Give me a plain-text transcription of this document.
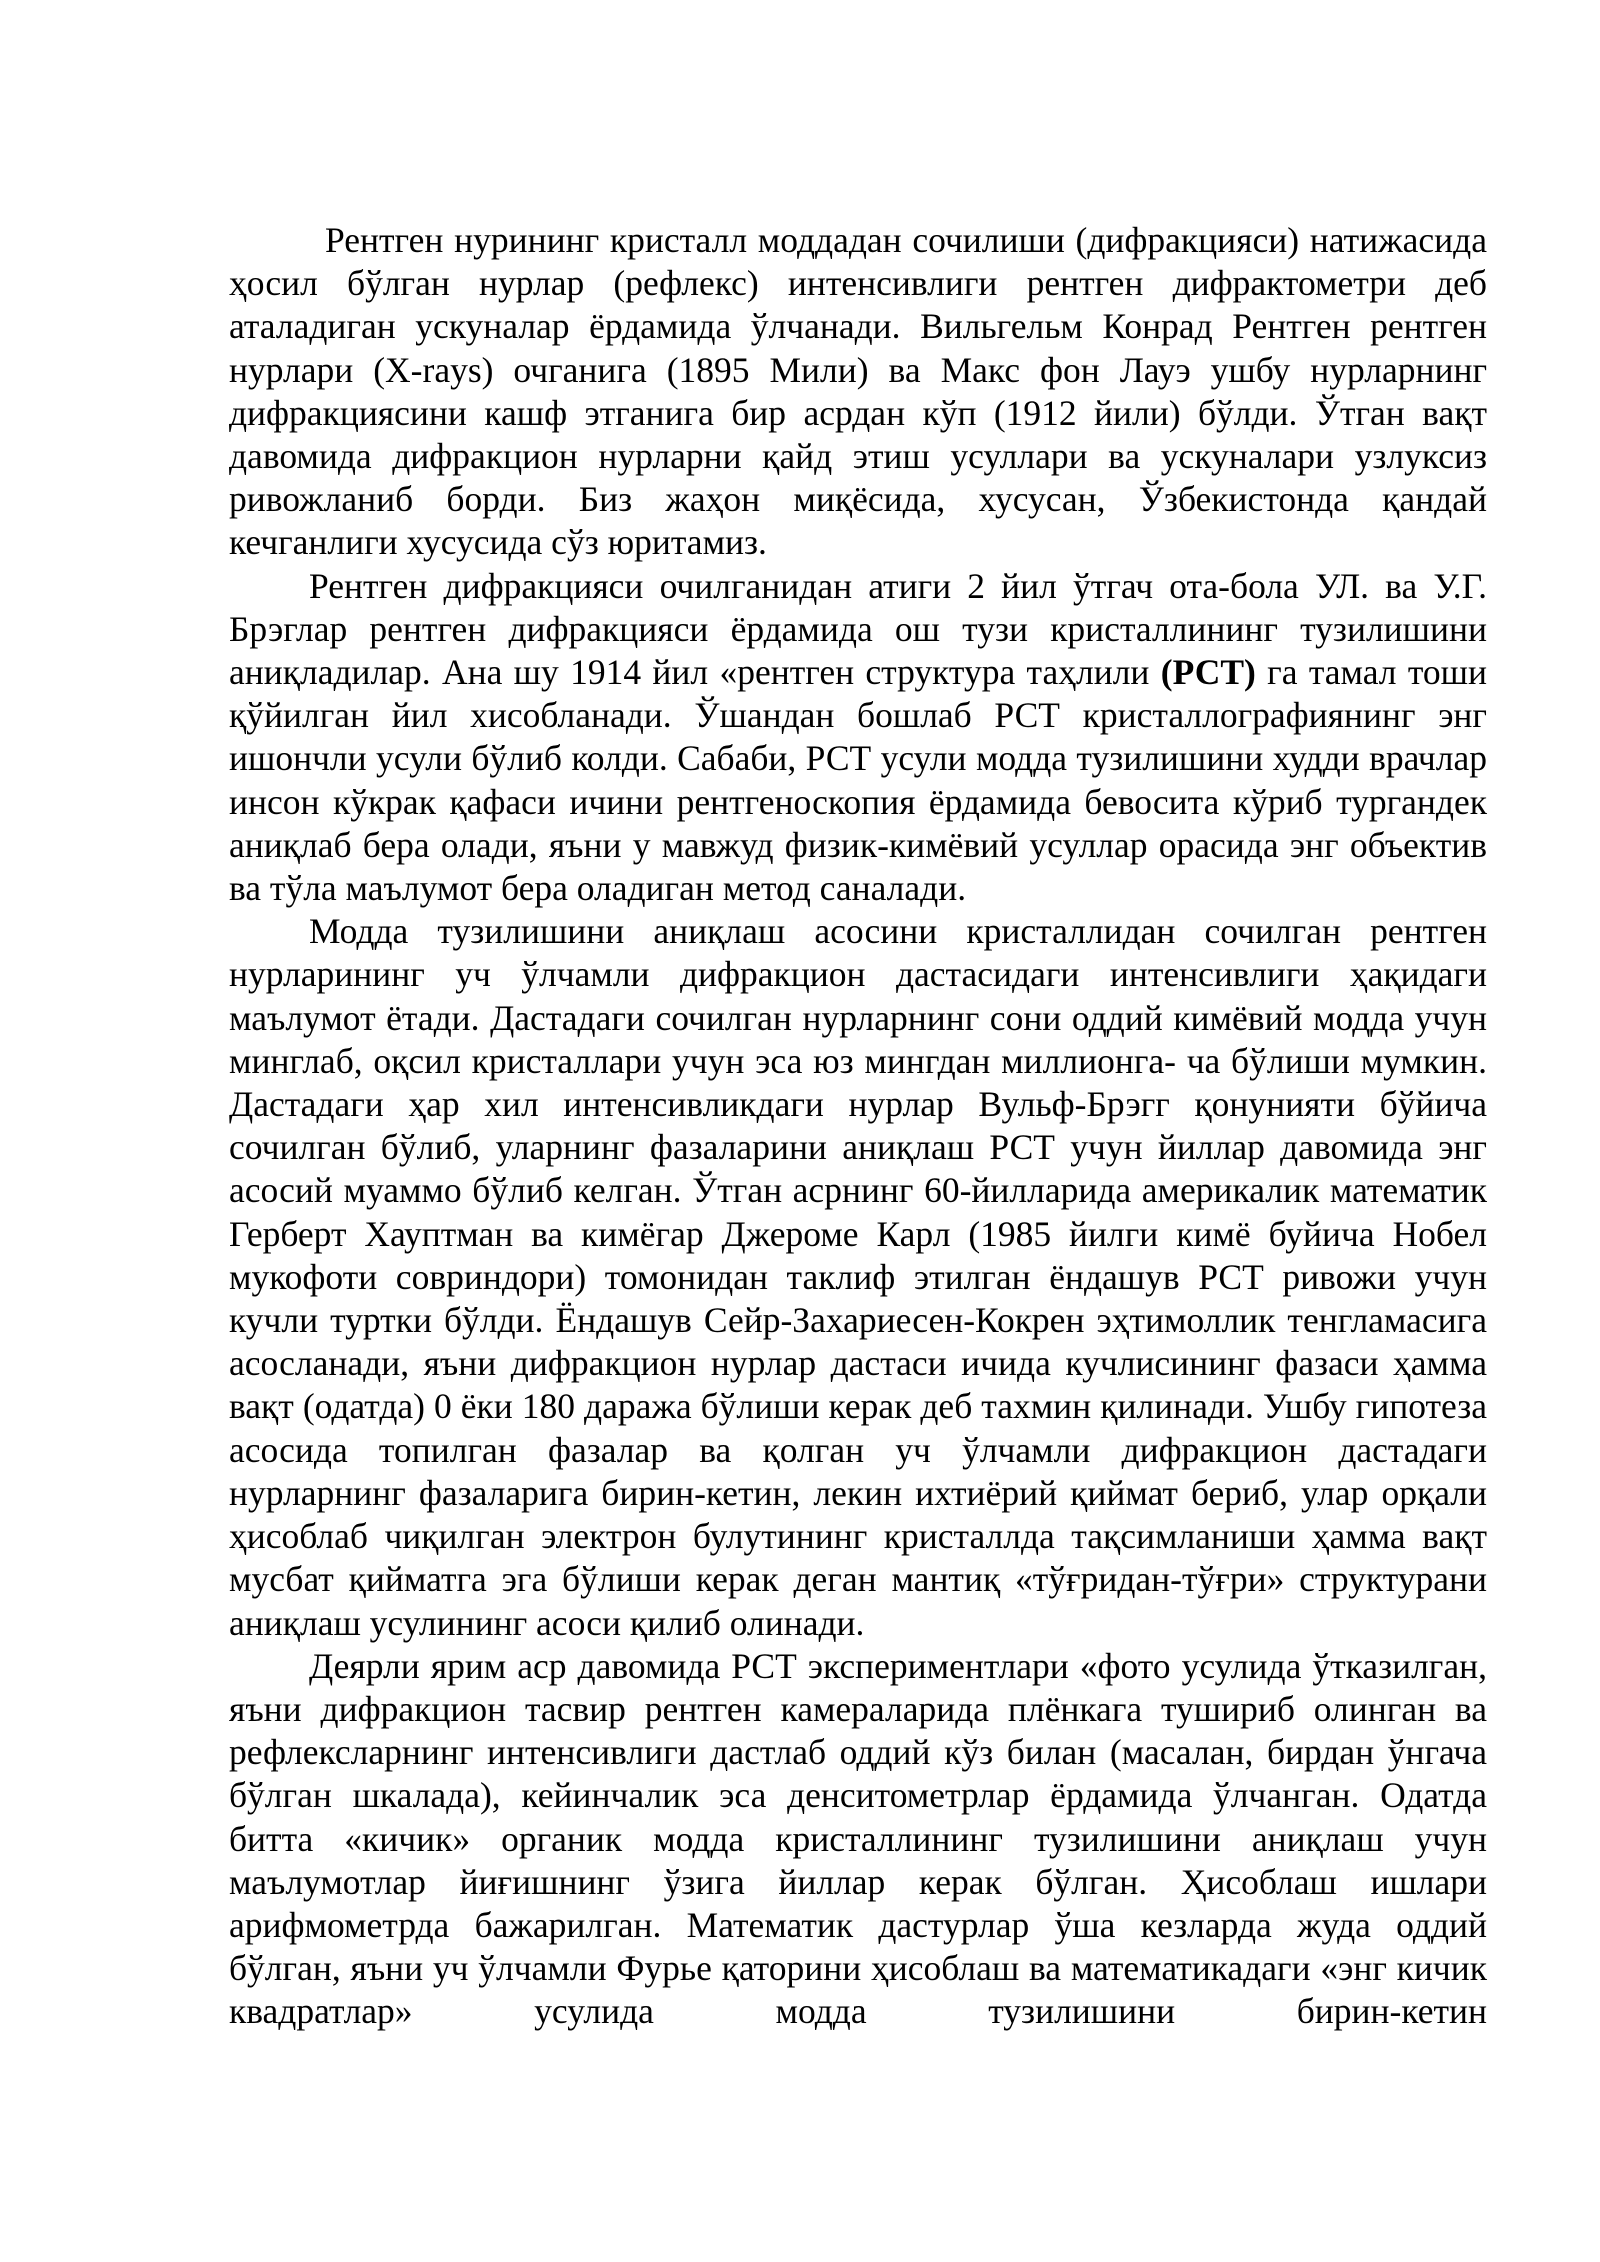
Рентген нурининг кристалл моддадан сочилиши (дифракцияси) натижасида ҳосил бўлган нурлар (рефлекс) интенсивлиги рентген дифрактометри деб аталадиган ускуналар ёрдамида ўлчанади. Вильгельм Конрад Рентген рентген нурлари (X-rays) очганига (1895 Мили) ва Макс фон Лауэ ушбу нурларнинг дифракциясини кашф этганига бир асрдан кўп (1912 йили) бўлди. Ўтган вақт давомида дифракцион нурларни қайд этиш усуллари ва ускуналари узлуксиз ривожланиб борди. Биз жаҳон миқёсида, хусусан, Ўзбекистонда қандай кечганлиги хусусида сўз юритамиз.

Рентген дифракцияси очилганидан атиги 2 йил ўтгач ота-бола УЛ. ва У.Г. Брэглар рентген дифракцияси ёрдамида ош тузи кристаллининг тузилишини аниқладилар. Ана шу 1914 йил «рентген структура таҳлили (РСТ) га тамал тоши қўйилган йил хисобланади. Ўшандан бошлаб РСТ кристаллографиянинг энг ишончли усули бўлиб колди. Сабаби, РСТ усули модда тузилишини худди врачлар инсон кўкрак қафаси ичини рентгеноскопия ёрдамида бевосита кўриб тургандек аниқлаб бера олади, яъни у мавжуд физик-кимёвий усуллар орасида энг объектив ва тўла маълумот бера оладиган метод саналади.

Модда тузилишини аниқлаш асосини кристаллидан сочилган рентген нурларининг уч ўлчамли дифракцион дастасидаги интенсивлиги ҳақидаги маълумот ётади. Дастадаги сочилган нурларнинг сони оддий кимёвий модда учун минглаб, оқсил кристаллари учун эса юз мингдан миллионга- ча бўлиши мумкин. Дастадаги ҳар хил интенсивликдаги нурлар Вульф-Брэгг қонунияти бўйича сочилган бўлиб, уларнинг фазаларини аниқлаш РСТ учун йиллар давомида энг асосий муаммо бўлиб келган. Ўтган асрнинг 60-йилларида америкалик математик Герберт Хауптман ва кимёгар Джероме Карл (1985 йилги кимё буйича Нобел мукофоти совриндори) томонидан таклиф этилган ёндашув РСТ ривожи учун кучли туртки бўлди. Ёндашув Сейр-Захариесен-Кокрен эҳтимоллик тенгламасига асосланади, яъни дифракцион нурлар дастаси ичида кучлисининг фазаси ҳамма вақт (одатда) 0 ёки 180 даража бўлиши керак деб тахмин қилинади. Ушбу гипотеза асосида топилган фазалар ва қолган уч ўлчамли дифракцион дастадаги нурларнинг фазаларига бирин-кетин, лекин ихтиёрий қиймат бериб, улар орқали ҳисоблаб чиқилган электрон булутининг кристаллда тақсимланиши ҳамма вақт мусбат қийматга эга бўлиши керак деган мантиқ «тўғридан-тўғри» структурани аниқлаш усулининг асоси қилиб олинади.

Деярли ярим аср давомида РСТ экспериментлари «фото усулида ўтказилган, яъни дифракцион тасвир рентген камераларида плёнкага тушириб олинган ва рефлексларнинг интенсивлиги дастлаб оддий кўз билан (масалан, бирдан ўнгача бўлган шкалада), кейинчалик эса денситометрлар ёрдамида ўлчанган. Одатда битта «кичик» органик модда кристаллининг тузилишини аниқлаш учун маълумотлар йиғишнинг ўзига йиллар керак бўлган. Ҳисоблаш ишлари арифмометрда бажарилган. Математик дастурлар ўша кезларда жуда оддий бўлган, яъни уч ўлчамли Фурье қаторини ҳисоблаш ва математикадаги «энг кичик квадратлар» усулида модда тузилишини бирин-кетин
